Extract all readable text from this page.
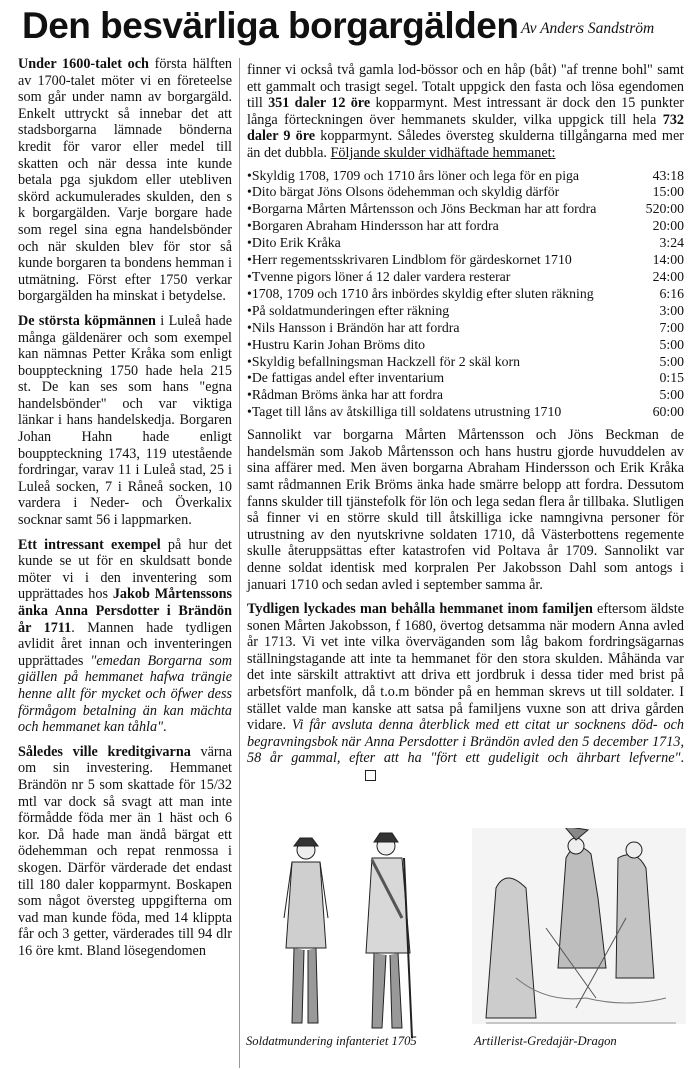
Den besvärliga borgargälden Av Anders Sandström

Under 1600-talet och första hälften av 1700-talet möter vi en företeelse som går under namn av borgargäld. Enkelt uttryckt så innebar det att stadsborgarna lämnade bönderna kredit för varor eller medel till skatten och när dessa inte kunde betala pga sjukdom eller utebliven skörd ackumulerades skulden, den s k borgargälden. Varje borgare hade som regel sina egna handelsbönder och när skulden blev för stor så kunde borgaren ta bondens hemman i utmätning. Först efter 1750 verkar borgargälden ha minskat i betydelse.

De största köpmännen i Luleå hade många gäldenärer och som exempel kan nämnas Petter Kråka som enligt bouppteckning 1750 hade hela 215 st. De kan ses som hans "egna handelsbönder" och var viktiga länkar i hans handelskedja. Borgaren Johan Hahn hade enligt bouppteckning 1743, 119 utestående fordringar, varav 11 i Luleå stad, 25 i Luleå socken, 7 i Råneå socken, 10 vardera i Neder- och Överkalix socknar samt 56 i lappmarken.

Ett intressant exempel på hur det kunde se ut för en skuldsatt bonde möter vi i den inventering som upprättades hos Jakob Mårtenssons änka Anna Persdotter i Brändön år 1711. Mannen hade tydligen avlidit året innan och inventeringen upprättades "emedan Borgarna som giällen på hemmanet hafwa trängie henne allt för mycket och öfwer dess förmågom betalning än kan mächta och hemmanet kan tåhla".

Således ville kreditgivarna värna om sin investering. Hemmanet Brändön nr 5 som skattade för 15/32 mtl var dock så svagt att man inte förmådde föda mer än 1 häst och 6 kor. Då hade man ändå bärgat ett ödehemman och repat renmossa i skogen. Därför värderade det endast till 180 daler kopparmynt. Boskapen som något översteg uppgifterna om vad man kunde föda, med 14 klippta får och 3 getter, värderades till 94 dlr 16 öre kmt. Bland lösegendomen

finner vi också två gamla lod-bössor och en håp (båt) "af trenne bohl" samt ett gammalt och trasigt segel. Totalt uppgick den fasta och lösa egendomen till 351 daler 12 öre kopparmynt. Mest intressant är dock den 15 punkter långa förteckningen över hemmanets skulder, vilka uppgick till hela 732 daler 9 öre kopparmynt. Således översteg skulderna tillgångarna med mer än det dubbla. Följande skulder vidhäftade hemmanet:

•Skyldig 1708, 1709 och 1710 års löner och lega för en piga	43:18
•Dito bärgat Jöns Olsons ödehemman och skyldig därför	15:00
•Borgarna Mårten Mårtensson och Jöns Beckman har att fordra	520:00
•Borgaren Abraham Hindersson har att fordra	20:00
•Dito Erik Kråka	3:24
•Herr regementsskrivaren Lindblom för gärdeskornet 1710	14:00
•Tvenne pigors löner á 12 daler vardera resterar	24:00
•1708, 1709 och 1710 års inbördes skyldig efter sluten räkning	6:16
•På soldatmunderingen efter räkning	3:00
•Nils Hansson i Brändön har att fordra	7:00
•Hustru Karin Johan Bröms dito	5:00
•Skyldig befallningsman Hackzell för 2 skäl korn	5:00
•De fattigas andel efter inventarium	0:15
•Rådman Bröms änka har att fordra	5:00
•Taget till låns av åtskilliga till soldatens utrustning 1710	60:00

Sannolikt var borgarna Mårten Mårtensson och Jöns Beckman de handelsmän som Jakob Mårtensson och hans hustru gjorde huvuddelen av sina affärer med. Men även borgarna Abraham Hindersson och Erik Kråka samt rådmannen Erik Bröms änka hade smärre belopp att fordra. Dessutom fanns skulder till tjänstefolk för lön och lega sedan flera år tillbaka. Slutligen så finner vi en större skuld till åtskilliga icke namngivna personer för utrustning av den nyutskrivne soldaten 1710, då Västerbottens regemente skulle återuppsättas efter katastrofen vid Poltava år 1709. Sannolikt var denne soldat identisk med korpralen Per Jakobsson Dahl som antogs i januari 1710 och sedan avled i september samma år.

Tydligen lyckades man behålla hemmanet inom familjen eftersom äldste sonen Mårten Jakobsson, f 1680, övertog detsamma när modern Anna avled år 1713. Vi vet inte vilka överväganden som låg bakom fordringsägarnas ställningstagande att inte ta hemmanet för den stora skulden. Måhända var det inte särskilt attraktivt att driva ett jordbruk i dessa tider med brist på arbetsfört manfolk, då t.o.m bönder på en hemman skrevs ut till soldater. I stället valde man kanske att satsa på familjens vuxne son att driva gården vidare. Vi får avsluta denna återblick med ett citat ur socknens död- och begravningsbok när Anna Persdotter i Brändön avled den 5 december 1713, 58 år gammal, efter att ha "fört ett gudeligit och ährbart lefverne".

Soldatmundering infanteriet 1705	Artillerist-Gredajär-Dragon
